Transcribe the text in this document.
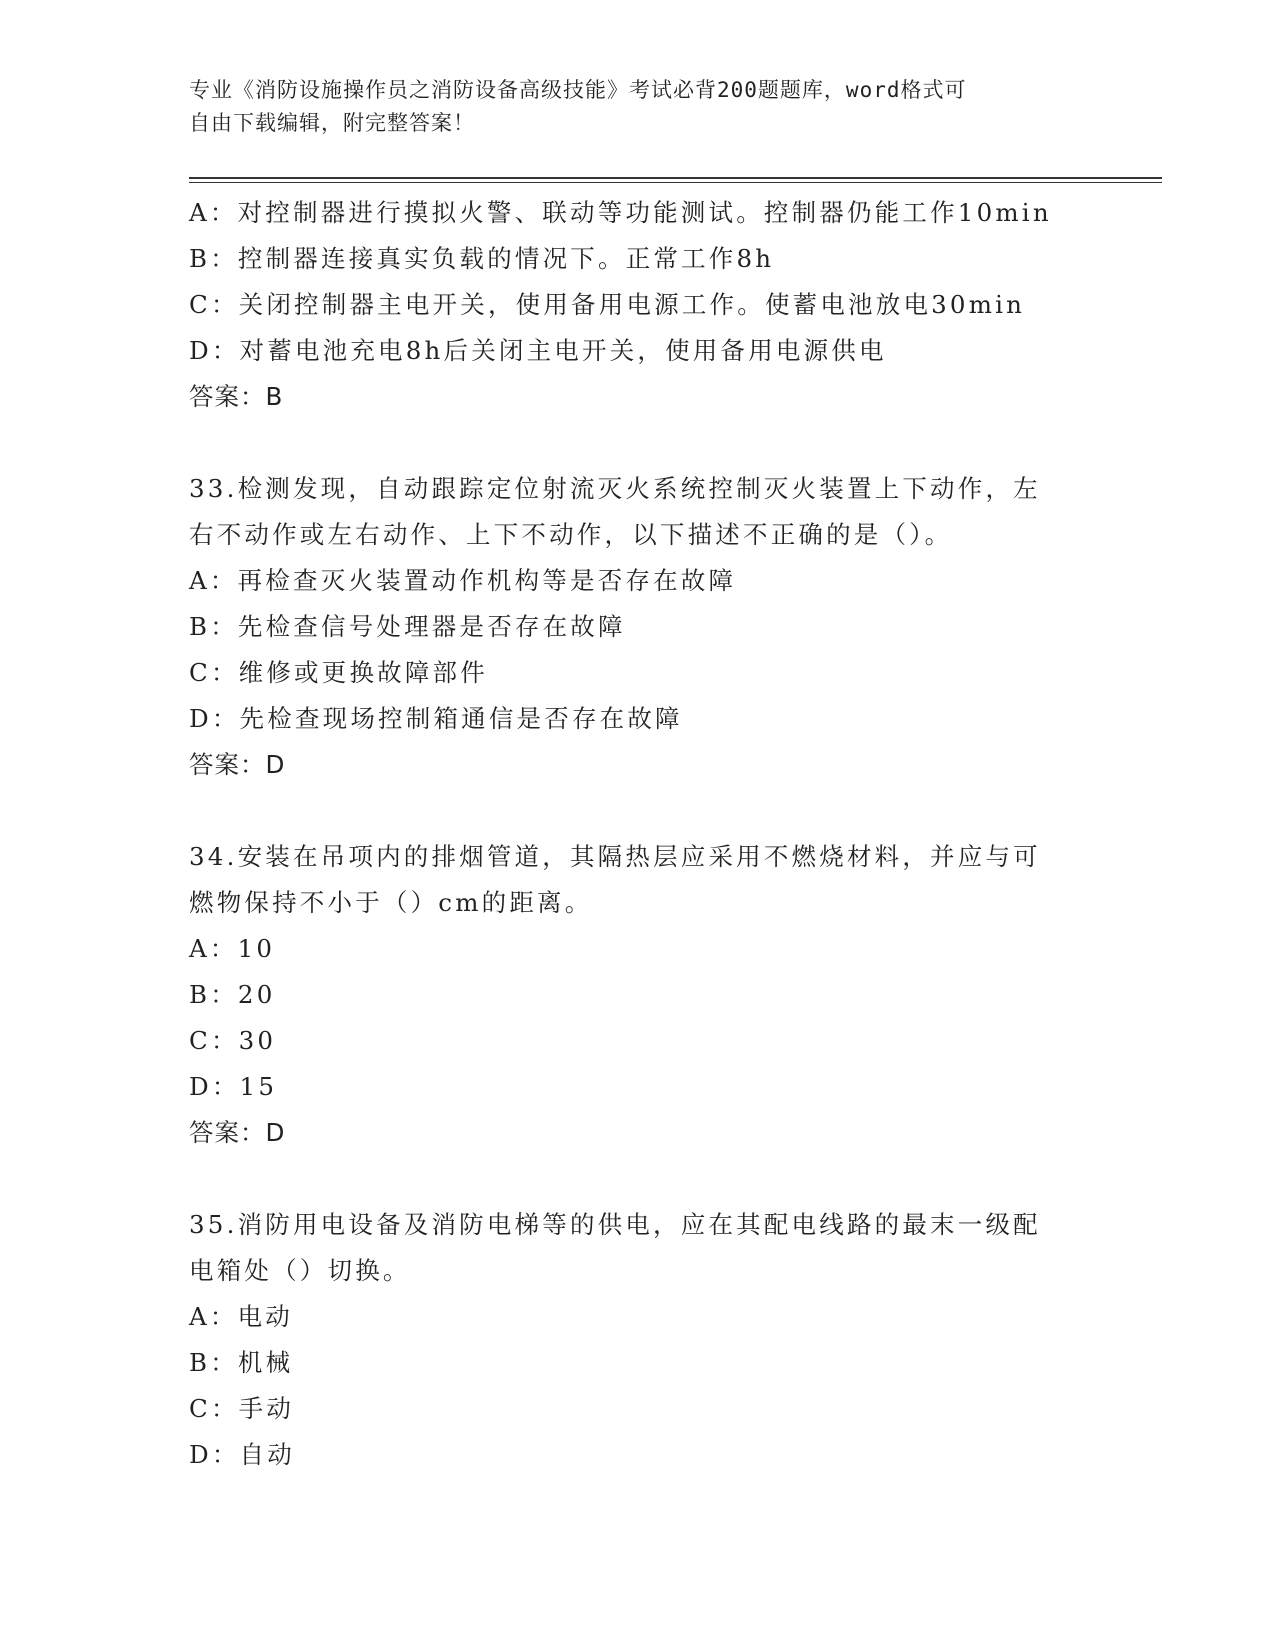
专业《消防设施操作员之消防设备高级技能》考试必背200题题库，word格式可
自由下载编辑，附完整答案！
A：对控制器进行摸拟火警、联动等功能测试。控制器仍能工作10min
B：控制器连接真实负载的情况下。正常工作8h
C：关闭控制器主电开关，使用备用电源工作。使蓄电池放电30min
D：对蓄电池充电8h后关闭主电开关，使用备用电源供电
答案：B
33.检测发现，自动跟踪定位射流灭火系统控制灭火装置上下动作，左
右不动作或左右动作、上下不动作，以下描述不正确的是（）。
A：再检查灭火装置动作机构等是否存在故障
B：先检查信号处理器是否存在故障
C：维修或更换故障部件
D：先检查现场控制箱通信是否存在故障
答案：D
34.安装在吊项内的排烟管道，其隔热层应采用不燃烧材料，并应与可
燃物保持不小于（）cm的距离。
A：10
B：20
C：30
D：15
答案：D
35.消防用电设备及消防电梯等的供电，应在其配电线路的最末一级配
电箱处（）切换。
A：电动
B：机械
C：手动
D：自动
